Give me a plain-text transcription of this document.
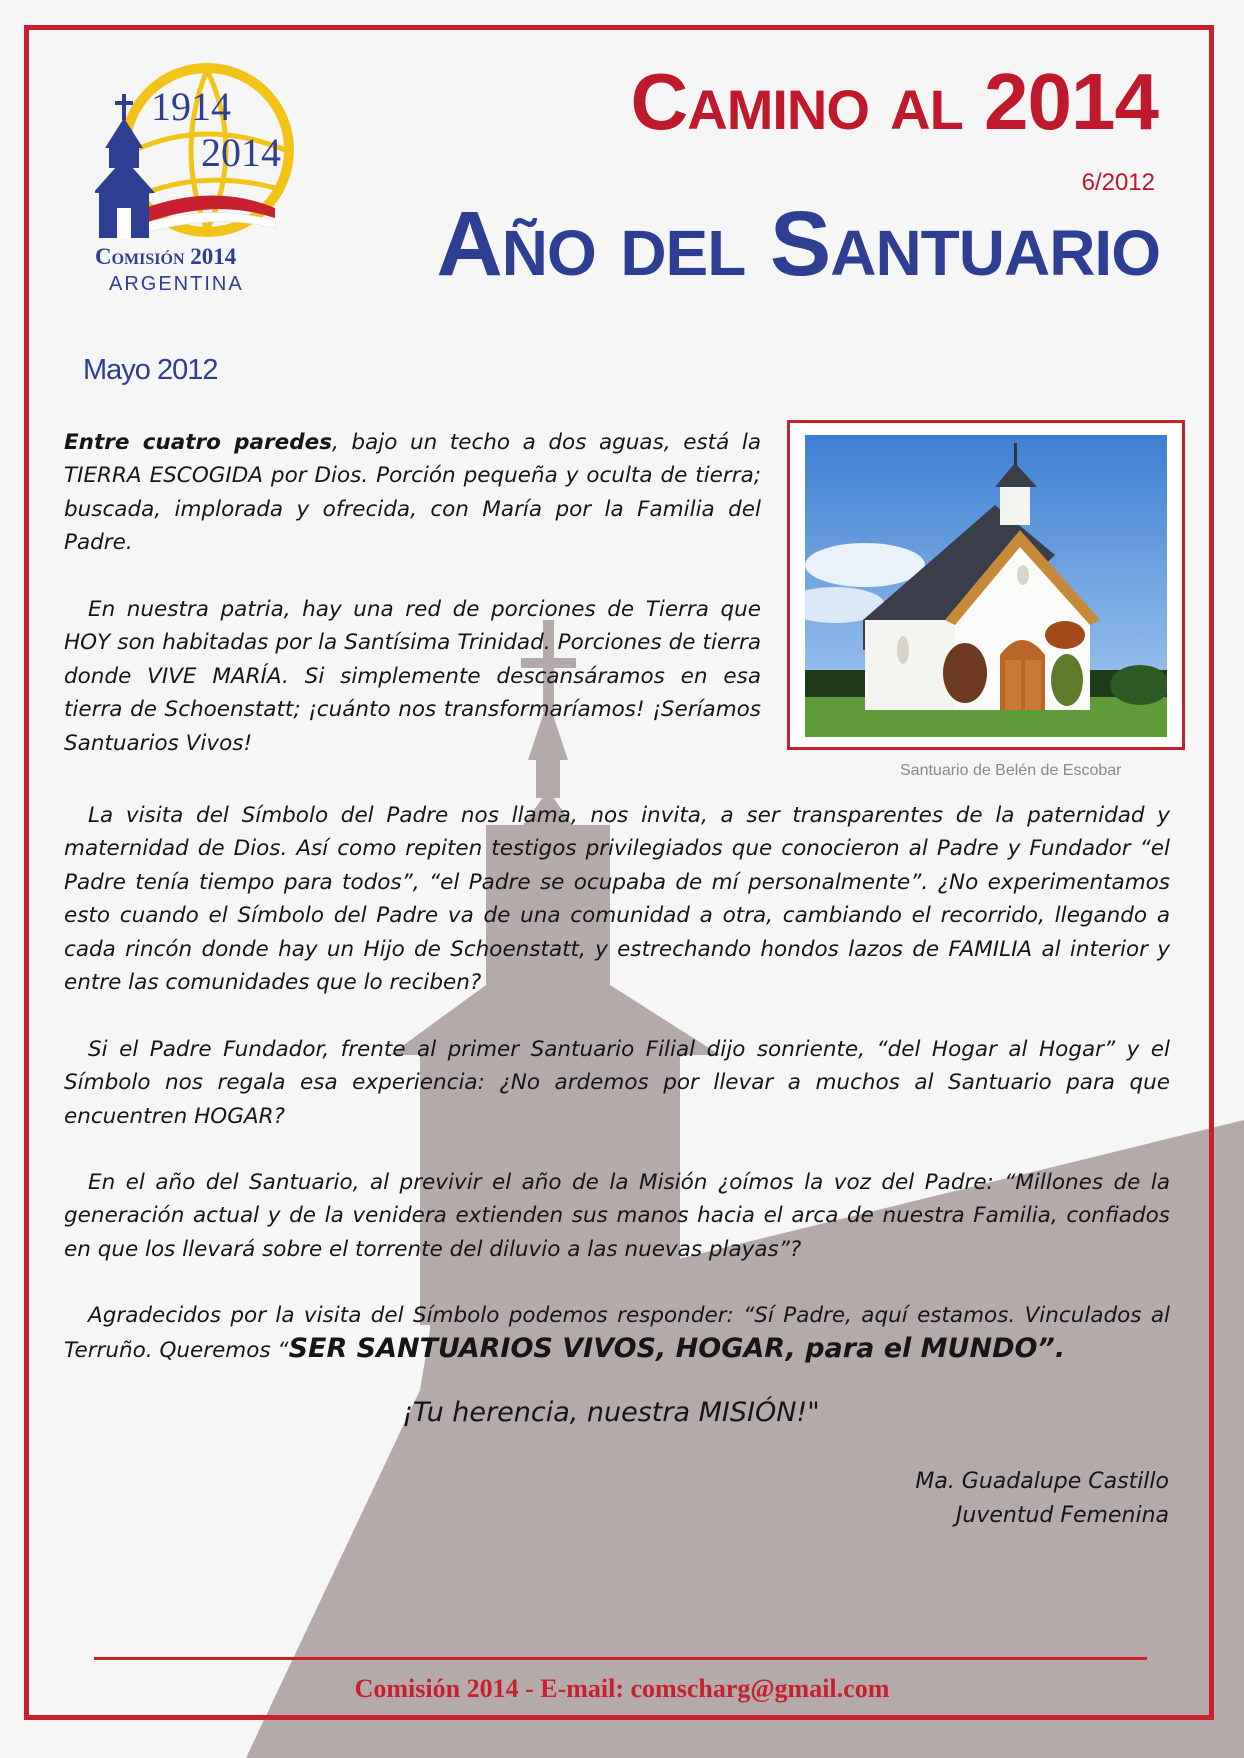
1914
2014
Comisión 2014
ARGENTINA
Camino al 2014
6/2012
Año del Santuario
Mayo 2012
Santuario de Belén de Escobar

Entre cuatro paredes, bajo un techo a dos aguas, está la TIERRA ESCOGIDA por Dios. Porción pequeña y oculta de tierra; buscada, implorada y ofrecida, con María por la Familia del Padre.

En nuestra patria, hay una red de porciones de Tierra que HOY son habitadas por la Santísima Trinidad. Porciones de tierra donde VIVE MARÍA. Si simplemente descansáramos en esa tierra de Schoenstatt; ¡cuánto nos transformaríamos! ¡Seríamos Santuarios Vivos!

La visita del Símbolo del Padre nos llama, nos invita, a ser transparentes de la paternidad y maternidad de Dios. Así como repiten testigos privilegiados que conocieron al Padre y Fundador “el Padre tenía tiempo para todos”, “el Padre se ocupaba de mí personalmente”. ¿No experimentamos esto cuando el Símbolo del Padre va de una comunidad a otra, cambiando el recorrido, llegando a cada rincón donde hay un Hijo de Schoenstatt, y estrechando hondos lazos de FAMILIA al interior y entre las comunidades que lo reciben?

Si el Padre Fundador, frente al primer Santuario Filial dijo sonriente, “del Hogar al Hogar” y el Símbolo nos regala esa experiencia: ¿No ardemos por llevar a muchos al Santuario para que encuentren HOGAR?

En el año del Santuario, al previvir el año de la Misión ¿oímos la voz del Padre: “Millones de la generación actual y de la venidera extienden sus manos hacia el arca de nuestra Familia, confiados en que los llevará sobre el torrente del diluvio a las nuevas playas”?

Agradecidos por la visita del Símbolo podemos responder: “Sí Padre, aquí estamos. Vinculados al Terruño. Queremos “SER SANTUARIOS VIVOS, HOGAR, para el MUNDO”.

¡Tu herencia, nuestra MISIÓN!"

Ma. Guadalupe Castillo
Juventud Femenina
Comisión 2014 - E-mail: comscharg@gmail.com
